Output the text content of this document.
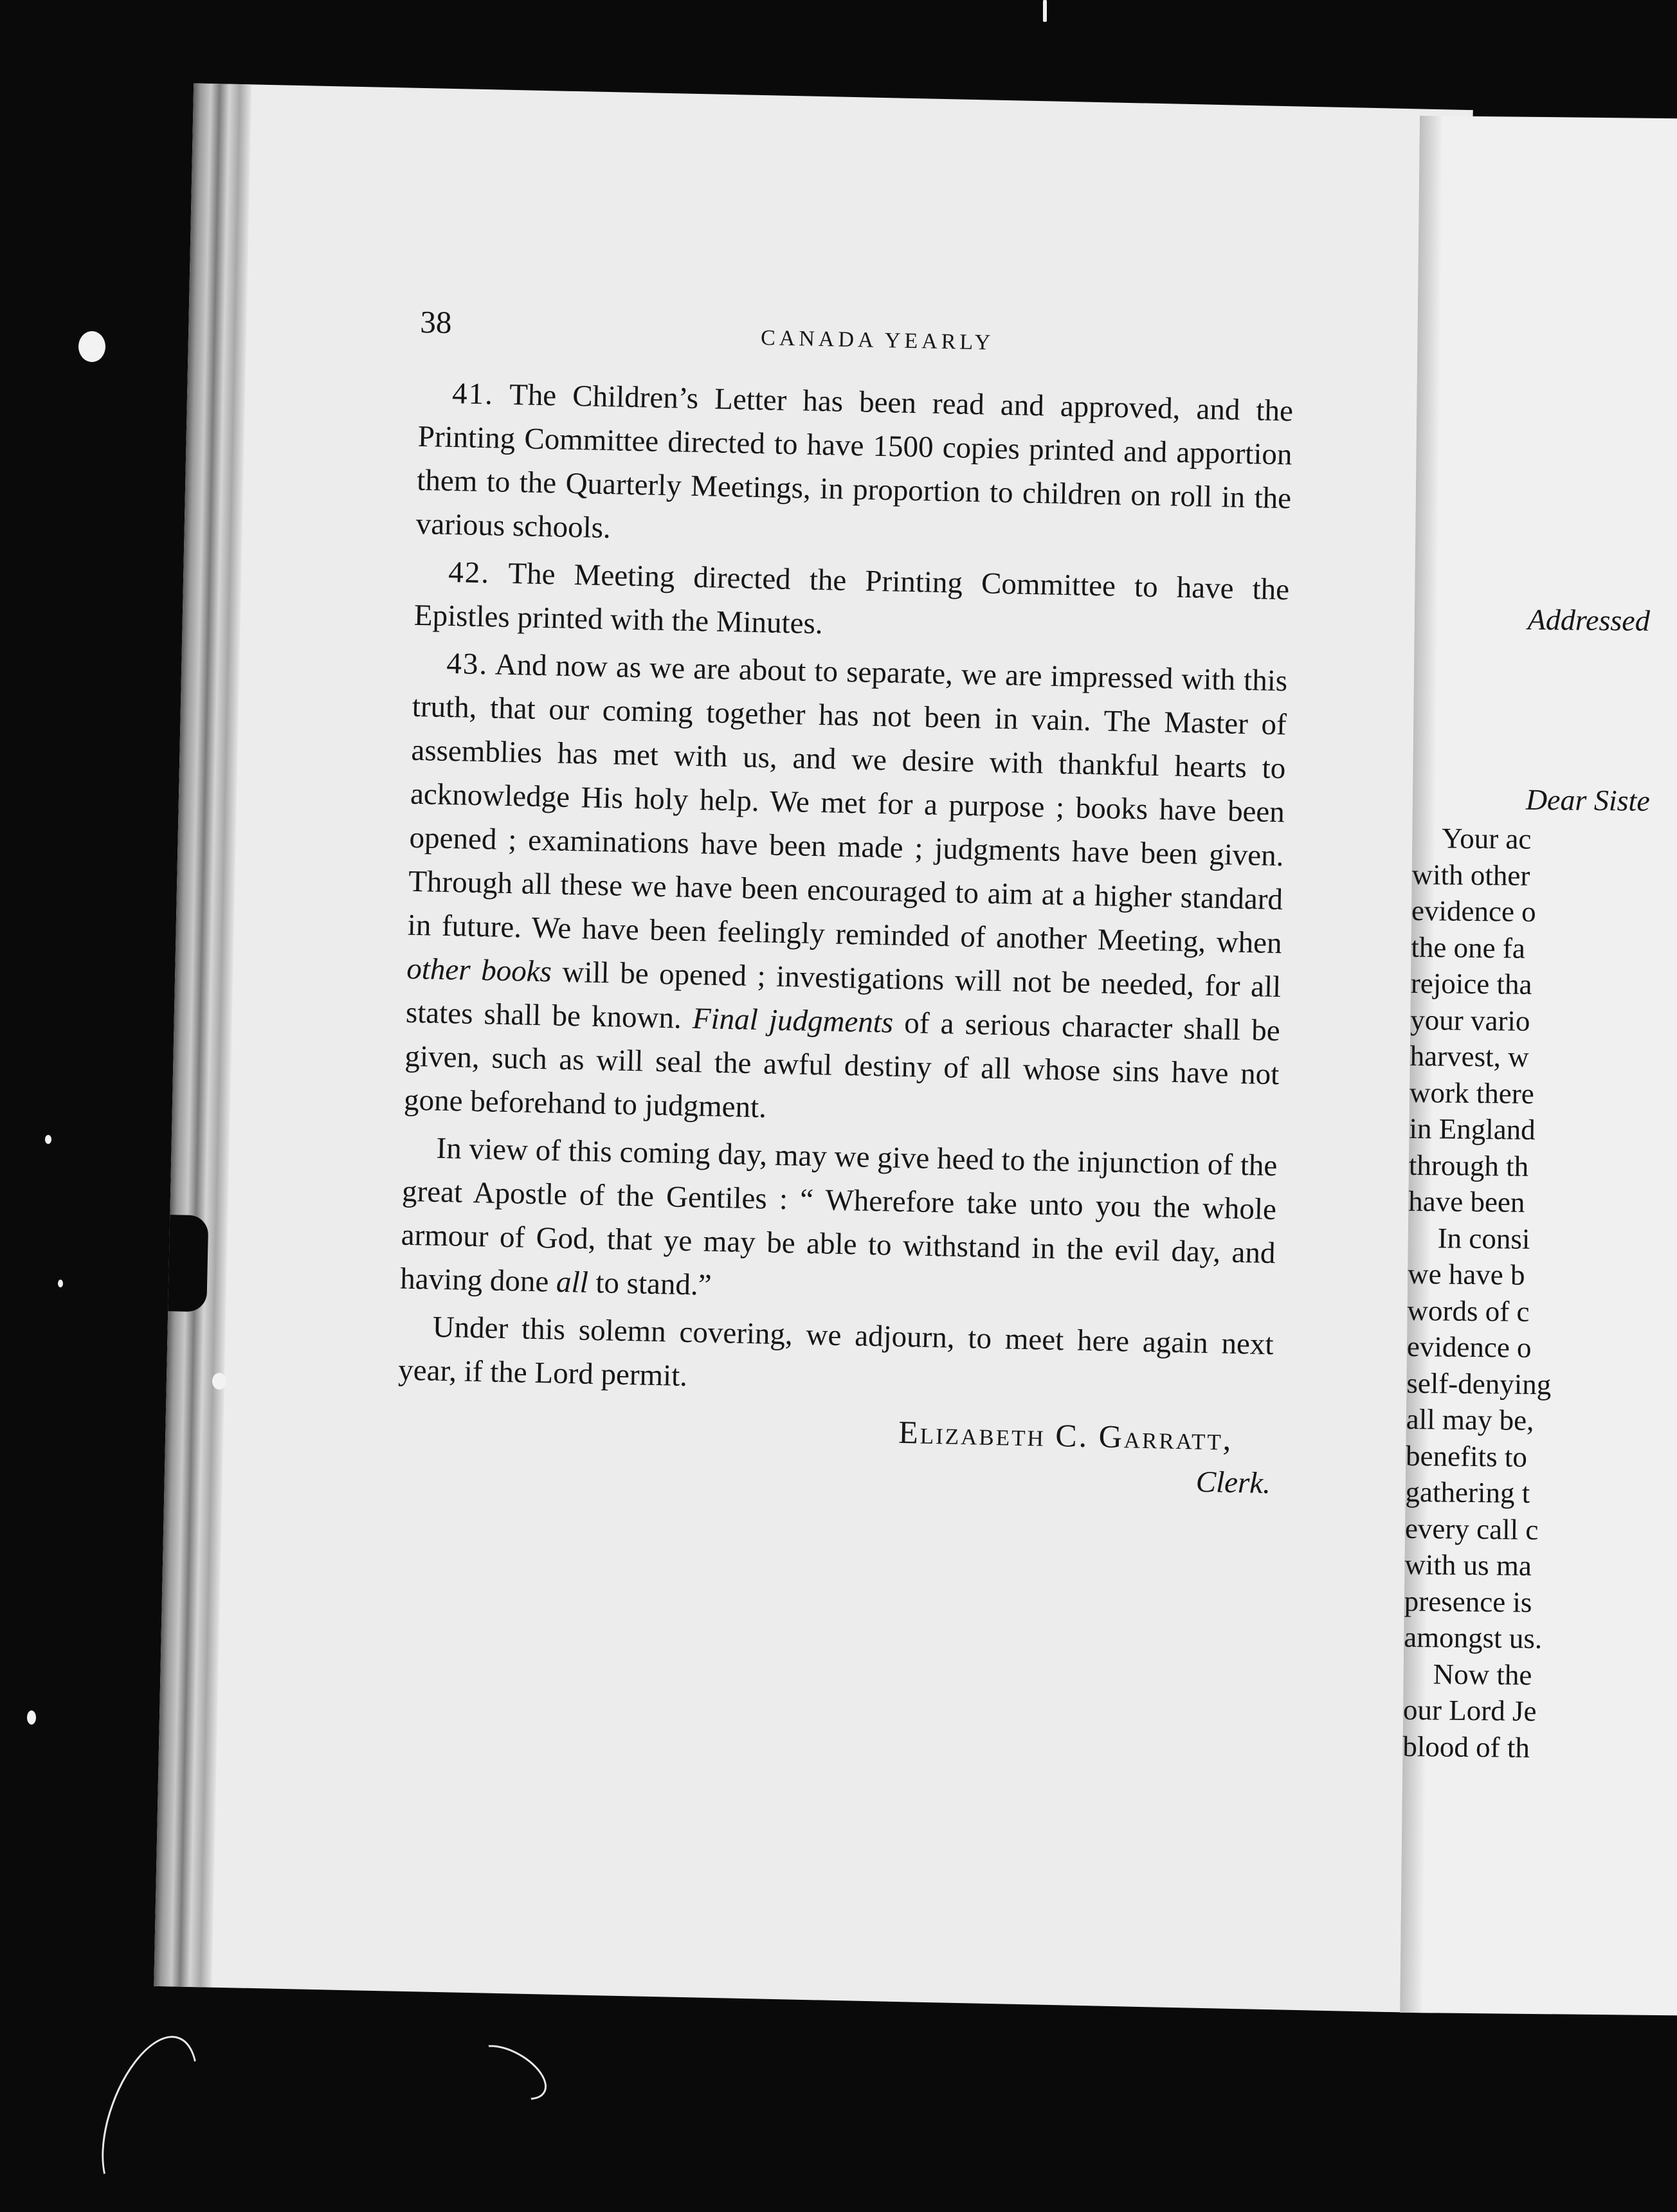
38
CANADA YEARLY

41. The Children’s Letter has been read and approved, and the Printing Committee directed to have 1500 copies printed and apportion them to the Quarterly Meetings, in proportion to children on roll in the various schools.

42. The Meeting directed the Printing Committee to have the Epistles printed with the Minutes.

43. And now as we are about to separate, we are impressed with this truth, that our coming together has not been in vain. The Master of assemblies has met with us, and we desire with thankful hearts to acknowledge His holy help. We met for a purpose ; books have been opened ; examinations have been made ; judgments have been given. Through all these we have been encouraged to aim at a higher standard in future. We have been feelingly reminded of another Meeting, when other books will be opened ; investigations will not be needed, for all states shall be known. Final judgments of a serious character shall be given, such as will seal the awful destiny of all whose sins have not gone beforehand to judgment.

In view of this coming day, may we give heed to the injunction of the great Apostle of the Gentiles : “ Wherefore take unto you the whole armour of God, that ye may be able to withstand in the evil day, and having done all to stand.”

Under this solemn covering, we adjourn, to meet here again next year, if the Lord permit.

Elizabeth C. Garratt,
Clerk.
Addressed
Dear Siste
Your ac
with other
evidence o
the one fa
rejoice tha
your vario
harvest, w
work there
in England
through th
have been
In consi
we have b
words of c
evidence o
self-denying
all may be,
benefits to
gathering t
every call c
with us ma
presence is
amongst us.
Now the
our Lord Je
blood of th
